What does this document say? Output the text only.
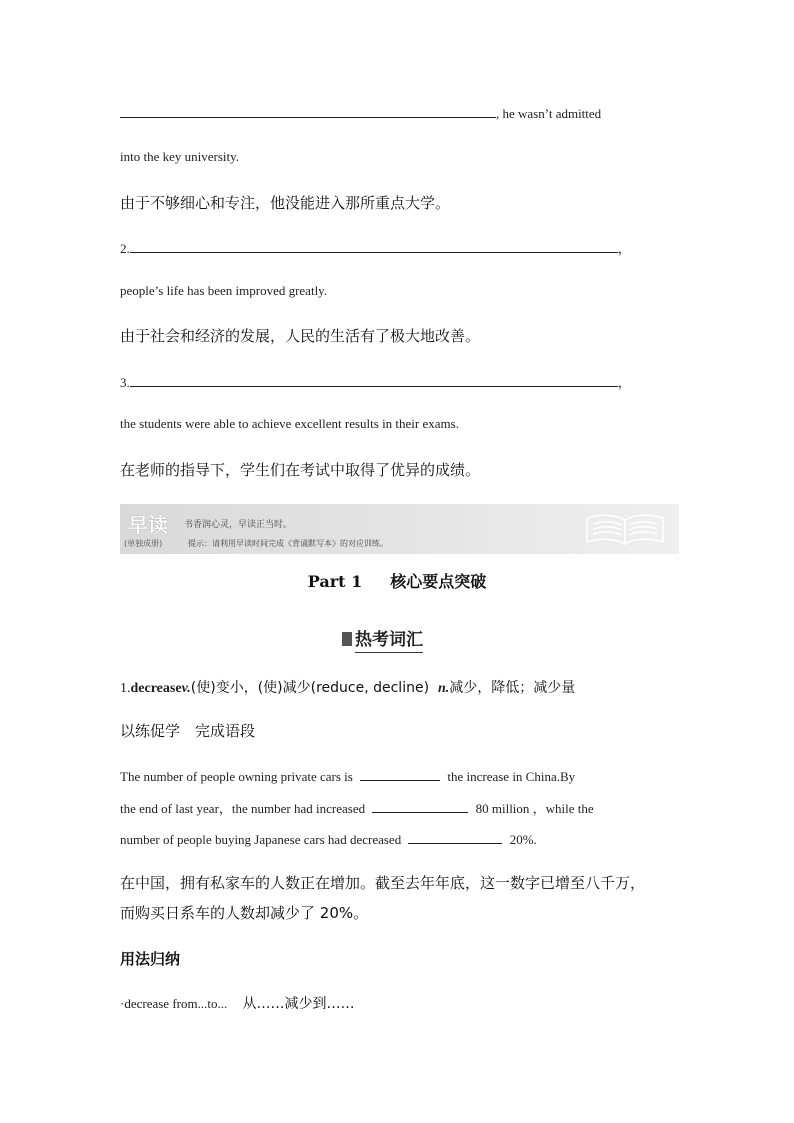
, he wasn’t admitted
into the key university.
由于不够细心和专注，他没能进入那所重点大学。
2.	，
people’s life has been improved greatly.
由于社会和经济的发展，人民的生活有了极大地改善。
3.	，
the students were able to achieve excellent results in their exams.
在老师的指导下，学生们在考试中取得了优异的成绩。
早读 书香润心灵，早读正当时。
(单独成册)	提示：请利用早读时间完成《背诵默写本》的对应训练。
Part 1 核心要点突破
热考词汇
1.decreasev.(使)变小，(使)减少(reduce, decline) n.减少，降低；减少量
以练促学　完成语段
The number of people owning private cars is	the increase in China.By
the end of last year，the number had increased	80 million ，while the
number of people buying Japanese cars had decreased	20%.
在中国，拥有私家车的人数正在增加。截至去年年底，这一数字已增至八千万，
而购买日系车的人数却减少了 20%。
用法归纳
·decrease from...to... 从……减少到……
